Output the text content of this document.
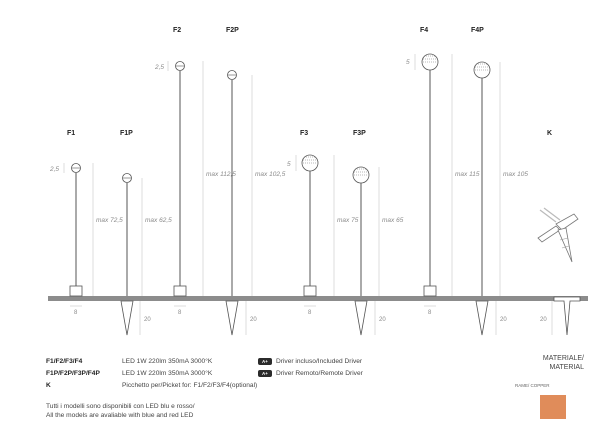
F1
2,5
max 72,5
8
F1P
max 62,5
20
F2
2,5
max 112,5
8
F2P
max 102,5
20
F3
5
max 75
8
F3P
max 65
20
F4
5
max 115
8
F4P
max 105
20
K
20
F1/F2/F3/F4	LED 1W 220lm 350mA 3000°K	A+	Driver incluso/Included Driver
F1P/F2P/F3P/F4P	LED 1W 220lm 350mA 3000°K	A+	Driver Remoto/Remote Driver
K	Picchetto per/Picket for: F1/F2/F3/F4(optional)
Tutti i modelli sono disponibili con LED blu e rosso/
All the models are avaliable with blue and red LED
MATERIALE/
MATERIAL
RAME/ COPPER
